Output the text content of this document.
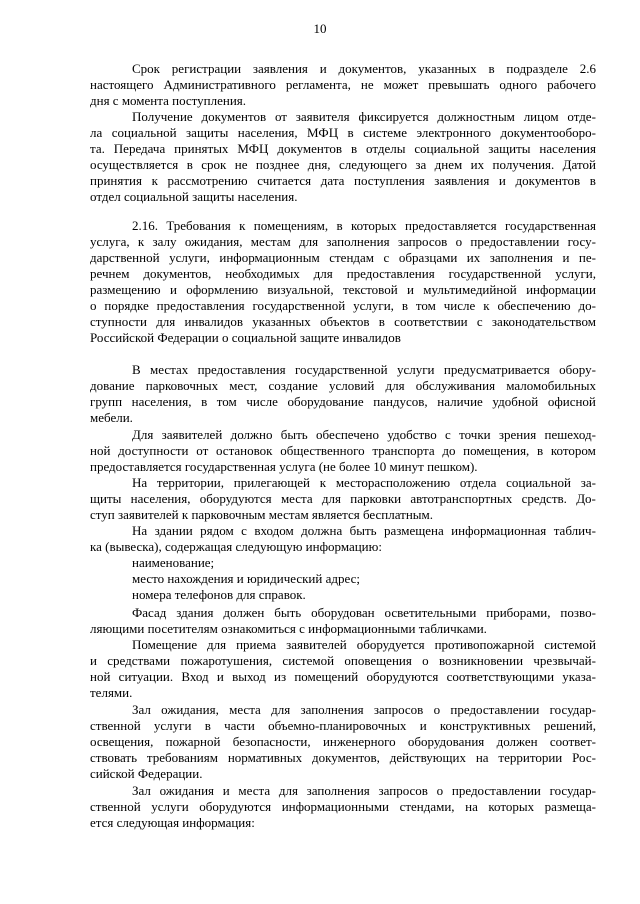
10
Срок регистрации заявления и документов, указанных в подразделе 2.6
настоящего Административного регламента, не может превышать одного рабочего
дня с момента поступления.
Получение документов от заявителя фиксируется должностным лицом отде-
ла социальной защиты населения, МФЦ в системе электронного документооборо-
та. Передача принятых МФЦ документов в отделы социальной защиты населения
осуществляется в срок не позднее дня, следующего за днем их получения. Датой
принятия к рассмотрению считается дата поступления заявления и документов в
отдел социальной защиты населения.
2.16. Требования к помещениям, в которых предоставляется государственная
услуга, к залу ожидания, местам для заполнения запросов о предоставлении госу-
дарственной услуги, информационным стендам с образцами их заполнения и пе-
речнем документов, необходимых для предоставления государственной услуги,
размещению и оформлению визуальной, текстовой и мультимедийной информации
о порядке предоставления государственной услуги, в том числе к обеспечению до-
ступности для инвалидов указанных объектов в соответствии с законодательством
Российской Федерации о социальной защите инвалидов
В местах предоставления государственной услуги предусматривается обору-
дование парковочных мест, создание условий для обслуживания маломобильных
групп населения, в том числе оборудование пандусов, наличие удобной офисной
мебели.
Для заявителей должно быть обеспечено удобство с точки зрения пешеход-
ной доступности от остановок общественного транспорта до помещения, в котором
предоставляется государственная услуга (не более 10 минут пешком).
На территории, прилегающей к месторасположению отдела социальной за-
щиты населения, оборудуются места для парковки автотранспортных средств. До-
ступ заявителей к парковочным местам является бесплатным.
На здании рядом с входом должна быть размещена информационная таблич-
ка (вывеска), содержащая следующую информацию:
наименование;
место нахождения и юридический адрес;
номера телефонов для справок.
Фасад здания должен быть оборудован осветительными приборами, позво-
ляющими посетителям ознакомиться с информационными табличками.
Помещение для приема заявителей оборудуется противопожарной системой
и средствами пожаротушения, системой оповещения о возникновении чрезвычай-
ной ситуации. Вход и выход из помещений оборудуются соответствующими указа-
телями.
Зал ожидания, места для заполнения запросов о предоставлении государ-
ственной услуги в части объемно-планировочных и конструктивных решений,
освещения, пожарной безопасности, инженерного оборудования должен соответ-
ствовать требованиям нормативных документов, действующих на территории Рос-
сийской Федерации.
Зал ожидания и места для заполнения запросов о предоставлении государ-
ственной услуги оборудуются информационными стендами, на которых размеща-
ется следующая информация:
